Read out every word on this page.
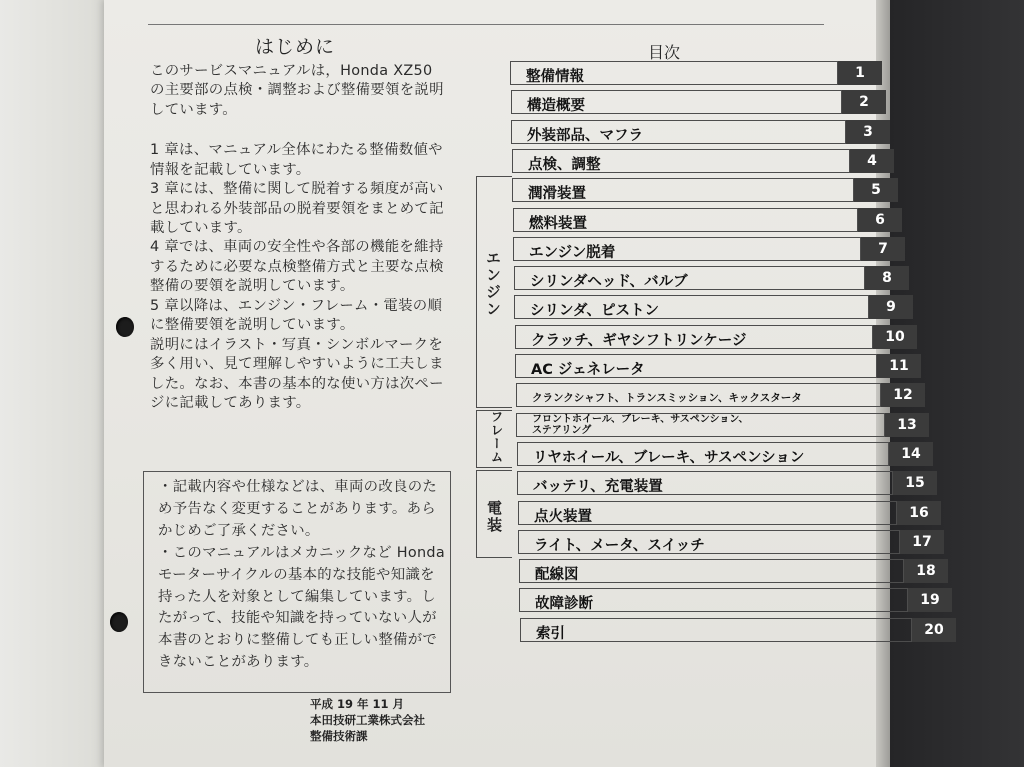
はじめに

このサービスマニュアルは，Honda XZ50 の主要部の点検・調整および整備要領を説明しています。

1 章は、マニュアル全体にわたる整備数値や情報を記載しています。
3 章には、整備に関して脱着する頻度が高いと思われる外装部品の脱着要領をまとめて記載しています。
4 章では、車両の安全性や各部の機能を維持するために必要な点検整備方式と主要な点検整備の要領を説明しています。
5 章以降は、エンジン・フレーム・電装の順に整備要領を説明しています。

説明にはイラスト・写真・シンボルマークを多く用い、見て理解しやすいように工夫しました。なお、本書の基本的な使い方は次ページに記載してあります。

・記載内容や仕様などは、車両の改良のため予告なく変更することがあります。あらかじめご了承ください。

・このマニュアルはメカニックなど Honda モーターサイクルの基本的な技能や知識を持った人を対象として編集しています。したがって、技能や知識を持っていない人が本書のとおりに整備しても正しい整備ができないことがあります。

平成 19 年 11 月
本田技研工業株式会社
整備技術課
目次
整備情報	1
構造概要	2
外装部品、マフラ	3
点検、調整	4
潤滑装置	5
燃料装置	6
エンジン脱着	7
シリンダヘッド、バルブ	8
シリンダ、ピストン	9
クラッチ、ギヤシフトリンケージ	10
AC ジェネレータ	11
クランクシャフト、トランスミッション、キックスタータ	12
フロントホイール、ブレーキ、サスペンション、
ステアリング	13
リヤホイール、ブレーキ、サスペンション	14
バッテリ、充電装置	15
点火装置	16
ライト、メータ、スイッチ	17
配線図	18
故障診断	19
索引	20
エンジン
フレーム
電装
